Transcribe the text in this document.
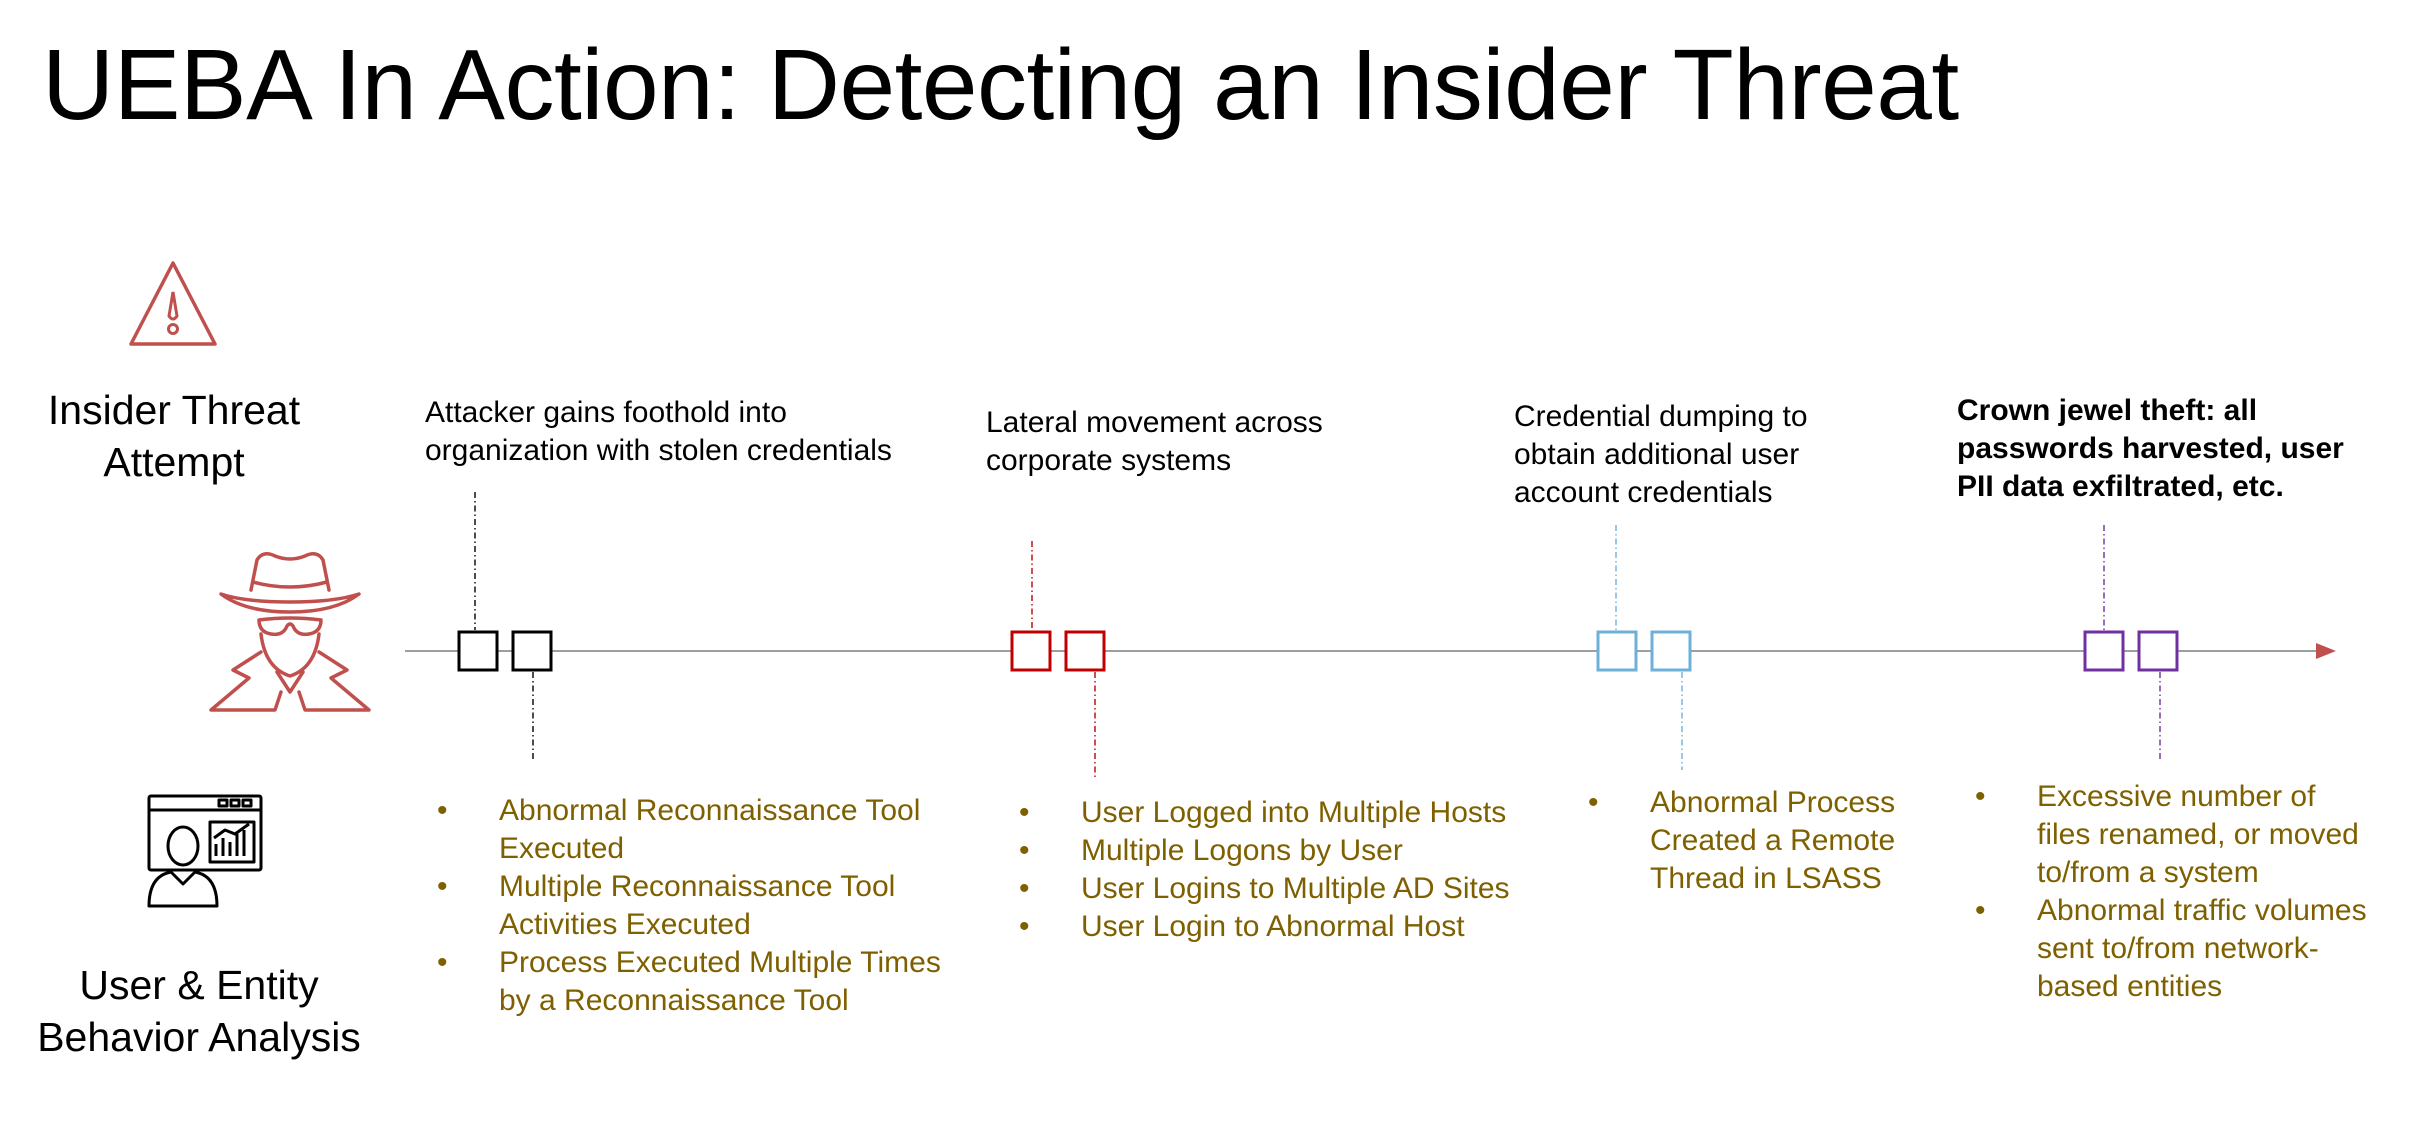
UEBA In Action: Detecting an Insider Threat
Insider Threat
Attempt
User & Entity
Behavior Analysis
Attacker gains foothold into
organization with stolen credentials
• Abnormal Reconnaissance Tool
Executed
• Multiple Reconnaissance Tool
Activities Executed
• Process Executed Multiple Times
by a Reconnaissance Tool
Lateral movement across
corporate systems
• User Logged into Multiple Hosts
• Multiple Logons by User
• User Logins to Multiple AD Sites
• User Login to Abnormal Host
Credential dumping to
obtain additional user
account credentials
• Abnormal Process
Created a Remote
Thread in LSASS
Crown jewel theft: all
passwords harvested, user
PII data exfiltrated, etc.
• Excessive number of
files renamed, or moved
to/from a system
• Abnormal traffic volumes
sent to/from network-
based entities
